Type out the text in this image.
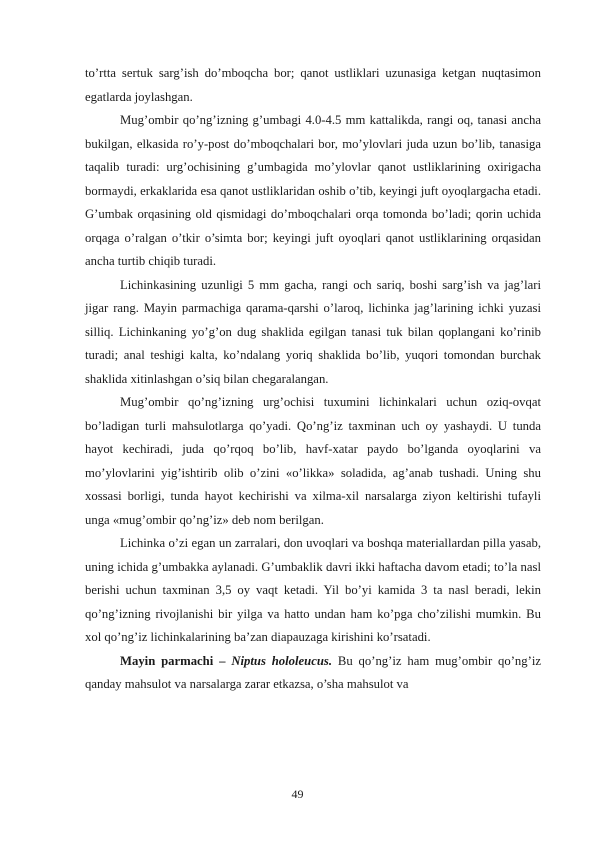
to’rtta sertuk sarg’ish do’mboqcha bor; qanot ustliklari uzunasiga ketgan nuqtasimon egatlarda joylashgan.

Mug’ombir qo’ng’izning g’umbagi 4.0-4.5 mm kattalikda, rangi oq, tanasi ancha bukilgan, elkasida ro’y-post do’mboqchalari bor, mo’ylovlari juda uzun bo’lib, tanasiga taqalib turadi: urg’ochisining g’umbagida mo’ylovlar qanot ustliklarining oxirigacha bormaydi, erkaklarida esa qanot ustliklaridan oshib o’tib, keyingi juft oyoqlargacha etadi. G’umbak orqasining old qismidagi do’mboqchalari orqa tomonda bo’ladi; qorin uchida orqaga o’ralgan o’tkir o’simta bor; keyingi juft oyoqlari qanot ustliklarining orqasidan ancha turtib chiqib turadi.

Lichinkasining uzunligi 5 mm gacha, rangi och sariq, boshi sarg’ish va jag’lari jigar rang. Mayin parmachiga qarama-qarshi o’laroq, lichinka jag’larining ichki yuzasi silliq. Lichinkaning yo’g’on dug shaklida egilgan tanasi tuk bilan qoplangani ko’rinib turadi; anal teshigi kalta, ko’ndalang yoriq shaklida bo’lib, yuqori tomondan burchak shaklida xitinlashgan o’siq bilan chegaralangan.

Mug’ombir qo’ng’izning urg’ochisi tuxumini lichinkalari uchun oziq-ovqat bo’ladigan turli mahsulotlarga qo’yadi. Qo’ng’iz taxminan uch oy yashaydi. U tunda hayot kechiradi, juda qo’rqoq bo’lib, havf-xatar paydo bo’lganda oyoqlarini va mo’ylovlarini yig’ishtirib olib o’zini «o’likka» soladida, ag’anab tushadi. Uning shu xossasi borligi, tunda hayot kechirishi va xilma-xil narsalarga ziyon keltirishi tufayli unga «mug’ombir qo’ng’iz» deb nom berilgan.

Lichinka o’zi egan un zarralari, don uvoqlari va boshqa materiallardan pilla yasab, uning ichida g’umbakka aylanadi. G’umbaklik davri ikki haftacha davom etadi; to’la nasl berishi uchun taxminan 3,5 oy vaqt ketadi. Yil bo’yi kamida 3 ta nasl beradi, lekin qo’ng’izning rivojlanishi bir yilga va hatto undan ham ko’pga cho’zilishi mumkin. Bu xol qo’ng’iz lichinkalarining ba’zan diapauzaga kirishini ko’rsatadi.

Mayin parmachi – Niptus hololeucus. Bu qo’ng’iz ham mug’ombir qo’ng’iz qanday mahsulot va narsalarga zarar etkazsa, o’sha mahsulot va

49
